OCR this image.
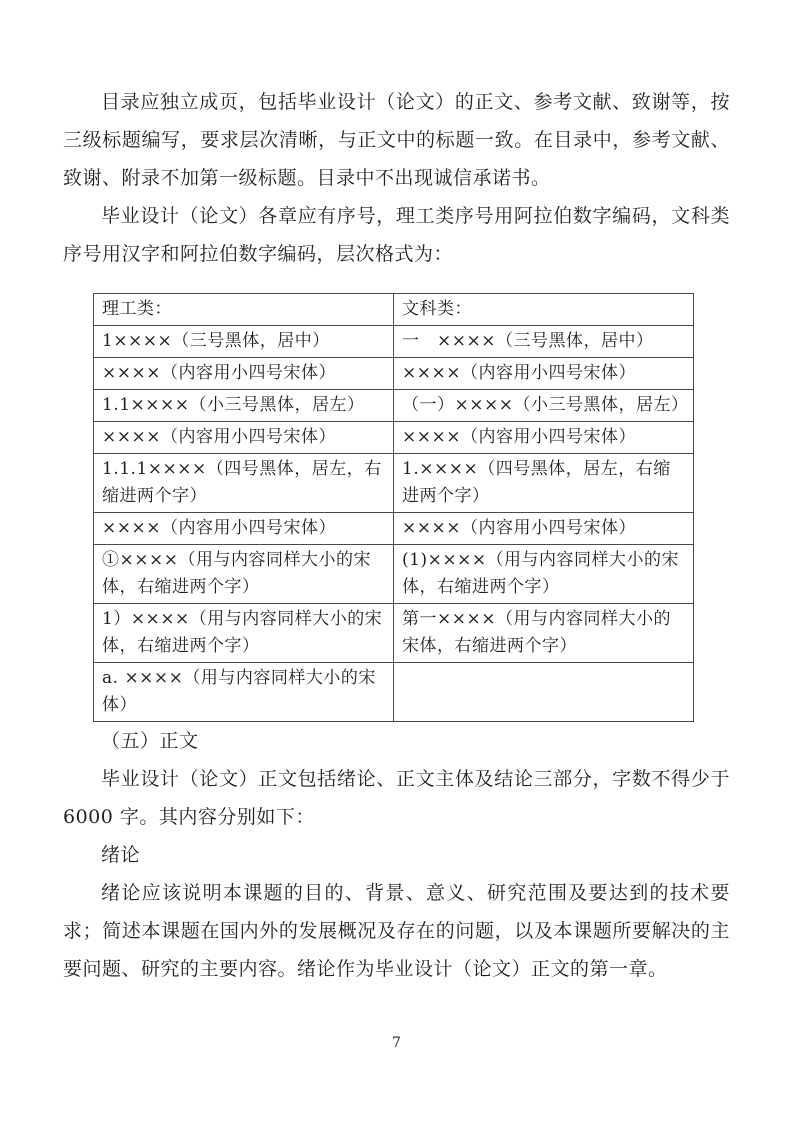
目录应独立成页，包括毕业设计（论文）的正文、参考文献、致谢等，按三级标题编写，要求层次清晰，与正文中的标题一致。在目录中，参考文献、致谢、附录不加第一级标题。目录中不出现诚信承诺书。

毕业设计（论文）各章应有序号，理工类序号用阿拉伯数字编码，文科类序号用汉字和阿拉伯数字编码，层次格式为：

理工类：	文科类：
1××××（三号黑体，居中）	一　××××（三号黑体，居中）
××××（内容用小四号宋体）	××××（内容用小四号宋体）
1.1××××（小三号黑体，居左）	（一）××××（小三号黑体，居左）
××××（内容用小四号宋体）	××××（内容用小四号宋体）
1.1.1××××（四号黑体，居左，右缩进两个字）	1.××××（四号黑体，居左，右缩进两个字）
××××（内容用小四号宋体）	××××（内容用小四号宋体）
①××××（用与内容同样大小的宋体，右缩进两个字）	(1)××××（用与内容同样大小的宋体，右缩进两个字）
1）××××（用与内容同样大小的宋体，右缩进两个字）	第一××××（用与内容同样大小的宋体，右缩进两个字）
a. ××××（用与内容同样大小的宋体）	

（五）正文

毕业设计（论文）正文包括绪论、正文主体及结论三部分，字数不得少于 6000 字。其内容分别如下：

绪论

绪论应该说明本课题的目的、背景、意义、研究范围及要达到的技术要求；简述本课题在国内外的发展概况及存在的问题，以及本课题所要解决的主要问题、研究的主要内容。绪论作为毕业设计（论文）正文的第一章。

7
